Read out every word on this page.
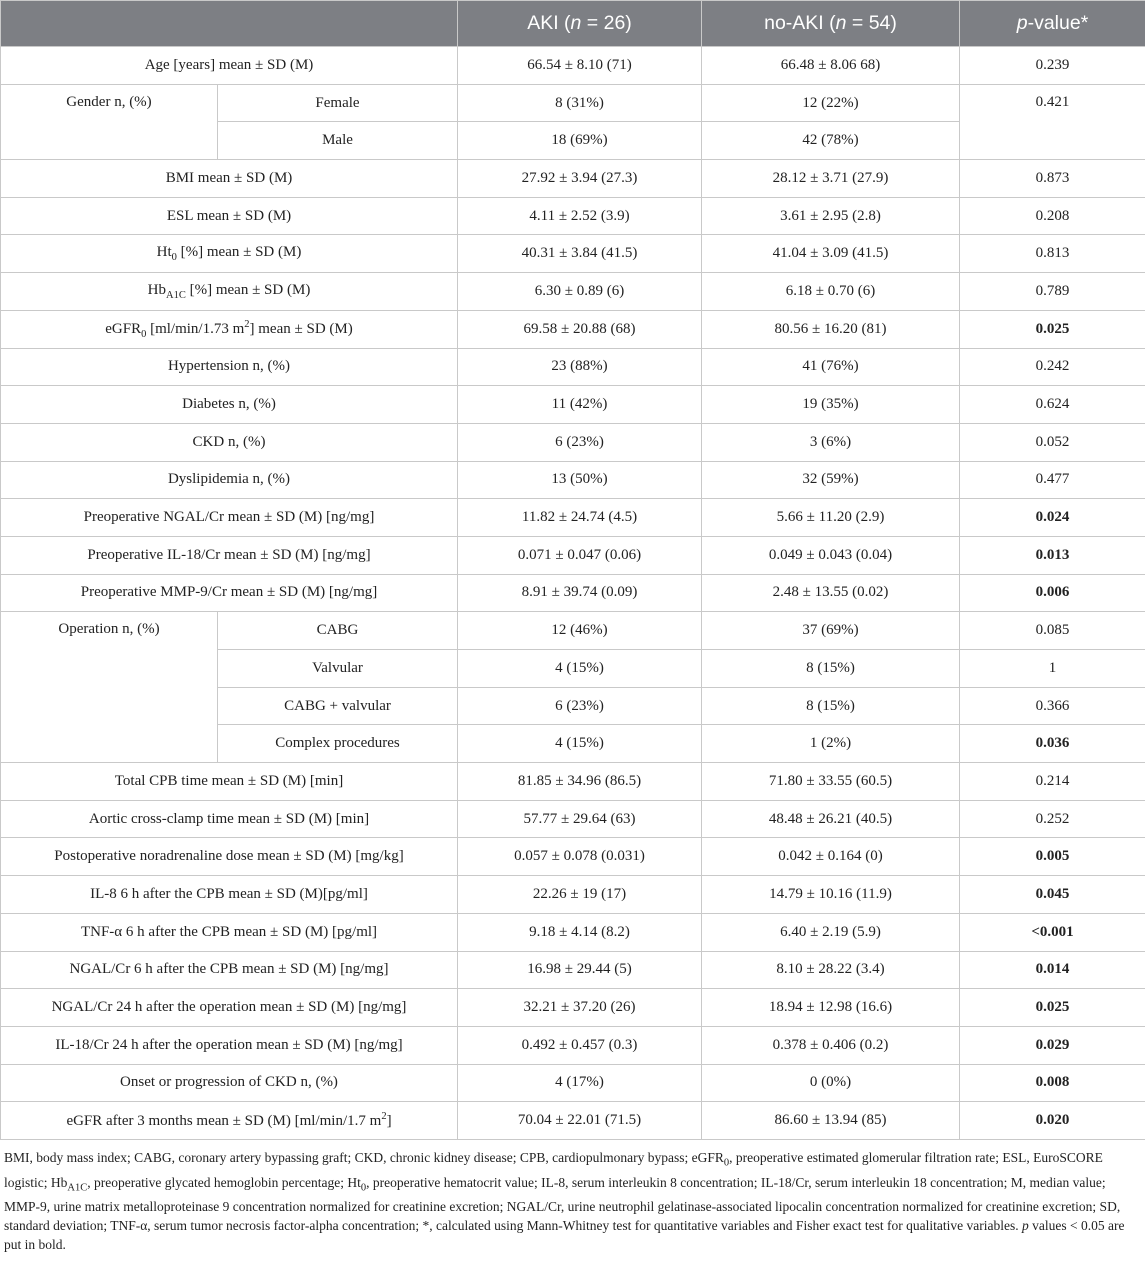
		AKI (n = 26)	no-AKI (n = 54)	p-value*
Age [years] mean ± SD (M)		66.54 ± 8.10 (71)	66.48 ± 8.06 68)	0.239
Gender n, (%)	Female	8 (31%)	12 (22%)	0.421
	Male	18 (69%)	42 (78%)	
BMI mean ± SD (M)		27.92 ± 3.94 (27.3)	28.12 ± 3.71 (27.9)	0.873
ESL mean ± SD (M)		4.11 ± 2.52 (3.9)	3.61 ± 2.95 (2.8)	0.208
$Ht_0$ [%] mean ± SD (M)		40.31 ± 3.84 (41.5)	41.04 ± 3.09 (41.5)	0.813
$Hb_{A1C}$ [%] mean ± SD (M)		6.30 ± 0.89 (6)	6.18 ± 0.70 (6)	0.789
eGFR$_0$ [ml/min/1.73 $m^2$] mean ± SD (M)		69.58 ± 20.88 (68)	80.56 ± 16.20 (81)	0.025
Hypertension n, (%)		23 (88%)	41 (76%)	0.242
Diabetes n, (%)		11 (42%)	19 (35%)	0.624
CKD n, (%)		6 (23%)	3 (6%)	0.052
Dyslipidemia n, (%)		13 (50%)	32 (59%)	0.477
Preoperative NGAL/Cr mean ± SD (M) [ng/mg]		11.82 ± 24.74 (4.5)	5.66 ± 11.20 (2.9)	0.024
Preoperative IL-18/Cr mean ± SD (M) [ng/mg]		0.071 ± 0.047 (0.06)	0.049 ± 0.043 (0.04)	0.013
Preoperative MMP-9/Cr mean ± SD (M) [ng/mg]		8.91 ± 39.74 (0.09)	2.48 ± 13.55 (0.02)	0.006
Operation n, (%)	CABG	12 (46%)	37 (69%)	0.085
	Valvular	4 (15%)	8 (15%)	1
	CABG + valvular	6 (23%)	8 (15%)	0.366
	Complex procedures	4 (15%)	1 (2%)	0.036
Total CPB time mean ± SD (M) [min]		81.85 ± 34.96 (86.5)	71.80 ± 33.55 (60.5)	0.214
Aortic cross-clamp time mean ± SD (M) [min]		57.77 ± 29.64 (63)	48.48 ± 26.21 (40.5)	0.252
Postoperative noradrenaline dose mean ± SD (M) [mg/kg]		0.057 ± 0.078 (0.031)	0.042 ± 0.164 (0)	0.005
IL-8 6 h after the CPB mean ± SD (M)[pg/ml]		22.26 ± 19 (17)	14.79 ± 10.16 (11.9)	0.045
TNF-α 6 h after the CPB mean ± SD (M) [pg/ml]		9.18 ± 4.14 (8.2)	6.40 ± 2.19 (5.9)	<0.001
NGAL/Cr 6 h after the CPB mean ± SD (M) [ng/mg]		16.98 ± 29.44 (5)	8.10 ± 28.22 (3.4)	0.014
NGAL/Cr 24 h after the operation mean ± SD (M) [ng/mg]		32.21 ± 37.20 (26)	18.94 ± 12.98 (16.6)	0.025
IL-18/Cr 24 h after the operation mean ± SD (M) [ng/mg]		0.492 ± 0.457 (0.3)	0.378 ± 0.406 (0.2)	0.029
Onset or progression of CKD n, (%)		4 (17%)	0 (0%)	0.008
eGFR after 3 months mean ± SD (M) [ml/min/1.7 $m^2$]		70.04 ± 22.01 (71.5)	86.60 ± 13.94 (85)	0.020
BMI, body mass index; CABG, coronary artery bypassing graft; CKD, chronic kidney disease; CPB, cardiopulmonary bypass; eGFR$_0$, preoperative estimated glomerular filtration rate; ESL, EuroSCORE logistic; $Hb_{A1C}$, preoperative glycated hemoglobin percentage; $Ht_0$, preoperative hematocrit value; IL-8, serum interleukin 8 concentration; IL-18/Cr, serum interleukin 18 concentration; M, median value; MMP-9, urine matrix metalloproteinase 9 concentration normalized for creatinine excretion; NGAL/Cr, urine neutrophil gelatinase-associated lipocalin concentration normalized for creatinine excretion; SD, standard deviation; TNF-α, serum tumor necrosis factor-alpha concentration; *, calculated using Mann-Whitney test for quantitative variables and Fisher exact test for qualitative variables. p values < 0.05 are put in bold.
